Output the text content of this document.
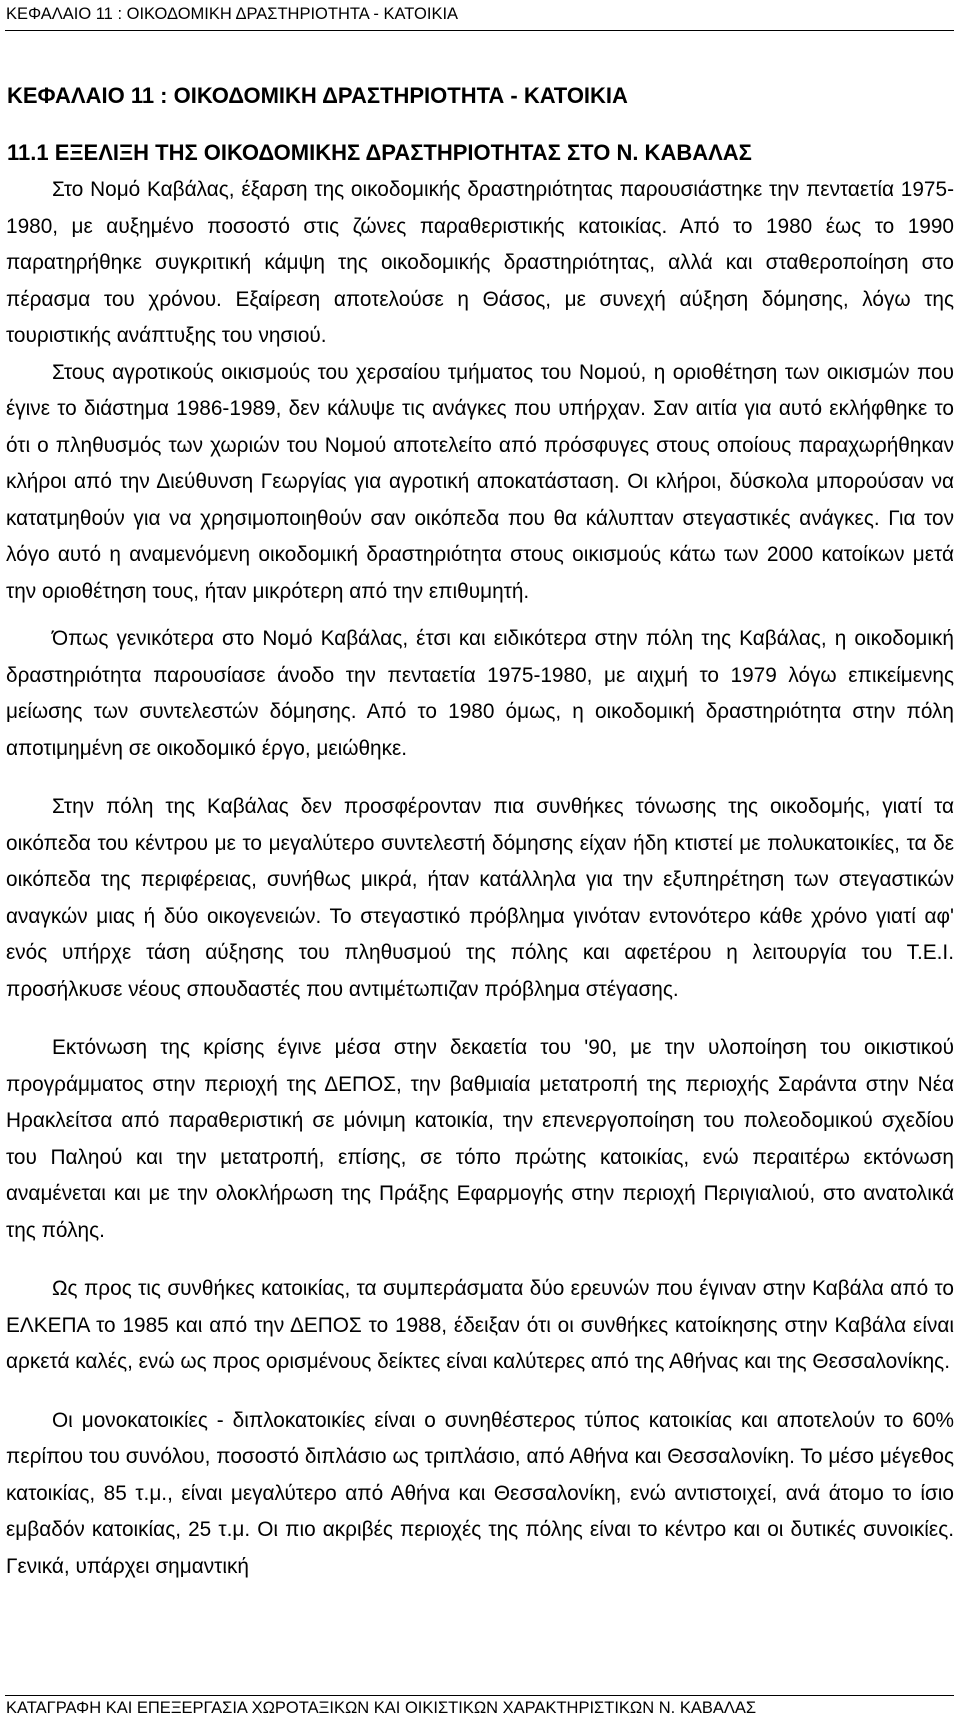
ΚΕΦΑΛΑΙΟ 11 : ΟΙΚΟΔΟΜΙΚΗ ΔΡΑΣΤΗΡΙΟΤΗΤΑ - ΚΑΤΟΙΚΙΑ
ΚΕΦΑΛΑΙΟ 11 : ΟΙΚΟΔΟΜΙΚΗ ΔΡΑΣΤΗΡΙΟΤΗΤΑ - ΚΑΤΟΙΚΙΑ
11.1 ΕΞΕΛΙΞΗ ΤΗΣ ΟΙΚΟΔΟΜΙΚΗΣ ΔΡΑΣΤΗΡΙΟΤΗΤΑΣ ΣΤΟ Ν. ΚΑΒΑΛΑΣ

Στο Νομό Καβάλας, έξαρση της οικοδομικής δραστηριότητας παρουσιάστηκε την πενταετία 1975-1980, με αυξημένο ποσοστό στις ζώνες παραθεριστικής κατοικίας. Από το 1980 έως το 1990 παρατηρήθηκε συγκριτική κάμψη της οικοδομικής δραστηριότητας, αλλά και σταθεροποίηση στο πέρασμα του χρόνου. Εξαίρεση αποτελούσε η Θάσος, με συνεχή αύξηση δόμησης, λόγω της τουριστικής ανάπτυξης του νησιού.

Στους αγροτικούς οικισμούς του χερσαίου τμήματος του Νομού, η οριοθέτηση των οικισμών που έγινε το διάστημα 1986-1989, δεν κάλυψε τις ανάγκες που υπήρχαν. Σαν αιτία για αυτό εκλήφθηκε το ότι ο πληθυσμός των χωριών του Νομού αποτελείτο από πρόσφυγες στους οποίους παραχωρήθηκαν κλήροι από την Διεύθυνση Γεωργίας για αγροτική αποκατάσταση. Οι κλήροι, δύσκολα μπορούσαν να κατατμηθούν για να χρησιμοποιηθούν σαν οικόπεδα που θα κάλυπταν στεγαστικές ανάγκες. Για τον λόγο αυτό η αναμενόμενη οικοδομική δραστηριότητα στους οικισμούς κάτω των 2000 κατοίκων μετά την οριοθέτηση τους, ήταν μικρότερη από την επιθυμητή.

Όπως γενικότερα στο Νομό Καβάλας, έτσι και ειδικότερα στην πόλη της Καβάλας, η οικοδομική δραστηριότητα παρουσίασε άνοδο την πενταετία 1975-1980, με αιχμή το 1979 λόγω επικείμενης μείωσης των συντελεστών δόμησης. Από το 1980 όμως, η οικοδομική δραστηριότητα στην πόλη αποτιμημένη σε οικοδομικό έργο, μειώθηκε.

Στην πόλη της Καβάλας δεν προσφέρονταν πια συνθήκες τόνωσης της οικοδομής, γιατί τα οικόπεδα του κέντρου με το μεγαλύτερο συντελεστή δόμησης είχαν ήδη κτιστεί με πολυκατοικίες, τα δε οικόπεδα της περιφέρειας, συνήθως μικρά, ήταν κατάλληλα για την εξυπηρέτηση των στεγαστικών αναγκών μιας ή δύο οικογενειών. Το στεγαστικό πρόβλημα γινόταν εντονότερο κάθε χρόνο γιατί αφ' ενός υπήρχε τάση αύξησης του πληθυσμού της πόλης και αφετέρου η λειτουργία του Τ.Ε.Ι. προσήλκυσε νέους σπουδαστές που αντιμέτωπιζαν πρόβλημα στέγασης.

Εκτόνωση της κρίσης έγινε μέσα στην δεκαετία του '90, με την υλοποίηση του οικιστικού προγράμματος στην περιοχή της ΔΕΠΟΣ, την βαθμιαία μετατροπή της περιοχής Σαράντα στην Νέα Ηρακλείτσα από παραθεριστική σε μόνιμη κατοικία, την επενεργοποίηση του πολεοδομικού σχεδίου του Παληού και την μετατροπή, επίσης, σε τόπο πρώτης κατοικίας, ενώ περαιτέρω εκτόνωση αναμένεται και με την ολοκλήρωση της Πράξης Εφαρμογής στην περιοχή Περιγιαλιού, στο ανατολικά της πόλης.

Ως προς τις συνθήκες κατοικίας, τα συμπεράσματα δύο ερευνών που έγιναν στην Καβάλα από το ΕΛΚΕΠΑ το 1985 και από την ΔΕΠΟΣ το 1988, έδειξαν ότι οι συνθήκες κατοίκησης στην Καβάλα είναι αρκετά καλές, ενώ ως προς ορισμένους δείκτες είναι καλύτερες από της Αθήνας και της Θεσσαλονίκης.

Οι μονοκατοικίες - διπλοκατοικίες είναι ο συνηθέστερος τύπος κατοικίας και αποτελούν το 60% περίπου του συνόλου, ποσοστό διπλάσιο ως τριπλάσιο, από Αθήνα και Θεσσαλονίκη. Το μέσο μέγεθος κατοικίας, 85 τ.μ., είναι μεγαλύτερο από Αθήνα και Θεσσαλονίκη, ενώ αντιστοιχεί, ανά άτομο το ίσιο εμβαδόν κατοικίας, 25 τ.μ. Οι πιο ακριβές περιοχές της πόλης είναι το κέντρο και οι δυτικές συνοικίες. Γενικά, υπάρχει σημαντική

ΚΑΤΑΓΡΑΦΗ ΚΑΙ ΕΠΕΞΕΡΓΑΣΙΑ ΧΩΡΟΤΑΞΙΚΩΝ ΚΑΙ ΟΙΚΙΣΤΙΚΩΝ ΧΑΡΑΚΤΗΡΙΣΤΙΚΩΝ Ν. ΚΑΒΑΛΑΣ
